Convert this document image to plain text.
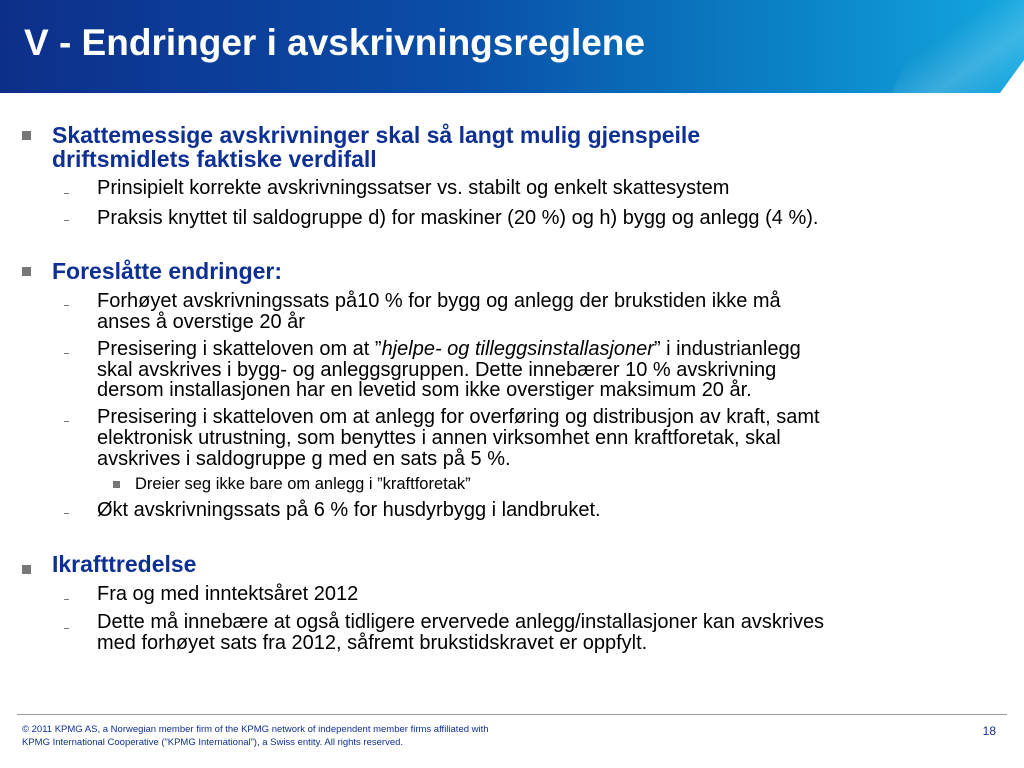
V - Endringer i avskrivningsreglene
Skattemessige avskrivninger skal så langt mulig gjenspeile
driftsmidlets faktiske verdifall
Prinsipielt korrekte avskrivningssatser vs. stabilt og enkelt skattesystem
Praksis knyttet til saldogruppe d) for maskiner (20 %) og h) bygg og anlegg (4 %).
Foreslåtte endringer:
Forhøyet avskrivningssats på10 % for bygg og anlegg der brukstiden ikke må
anses å overstige 20 år
Presisering i skatteloven om at ”hjelpe- og tilleggsinstallasjoner” i industrianlegg
skal avskrives i bygg- og anleggsgruppen. Dette innebærer 10 % avskrivning
dersom installasjonen har en levetid som ikke overstiger maksimum 20 år.
Presisering i skatteloven om at anlegg for overføring og distribusjon av kraft, samt
elektronisk utrustning, som benyttes i annen virksomhet enn kraftforetak, skal
avskrives i saldogruppe g med en sats på 5 %.
Dreier seg ikke bare om anlegg i ”kraftforetak”
Økt avskrivningssats på 6 % for husdyrbygg i landbruket.
Ikrafttredelse
Fra og med inntektsåret 2012
Dette må innebære at også tidligere ervervede anlegg/installasjoner kan avskrives
med forhøyet sats fra 2012, såfremt brukstidskravet er oppfylt.
© 2011 KPMG AS, a Norwegian member firm of the KPMG network of independent member firms affiliated with
KPMG International Cooperative (”KPMG International”), a Swiss entity. All rights reserved.
18
